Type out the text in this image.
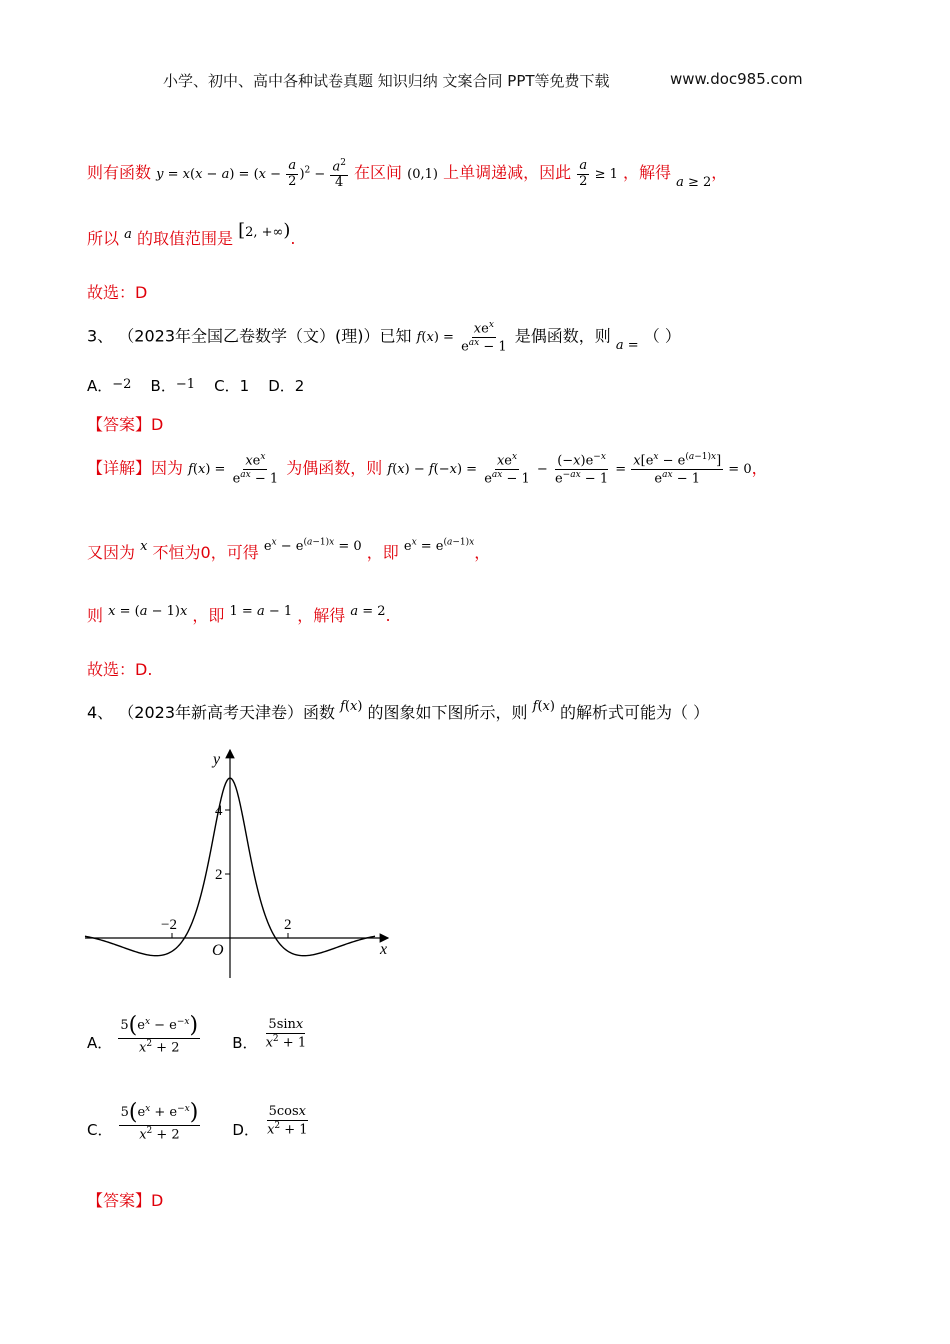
小学、初中、高中各种试卷真题 知识归纳 文案合同 PPT等免费下载	www.doc985.com
则有函数 $y = x(x - a) = (x - \frac{a}{2} )^2 - \frac{a^2}{4}$ 在区间 (0,1) 上单调递减，因此 $\frac{a}{2} \ge 1$ ，解得 $_{a \ge 2}$，
所以 $^a$ 的取值范围是 $^{[2, +\infty)}$.
故选：D
3、 （2023年全国乙卷数学（文）(理)）已知 $f(x) = \frac{xe^x}{e^{ax} - 1}$ 是偶函数，则 $_{a =}$ （ ）
A．−2 B．−1 C．1 D．2
【答案】D
【详解】因为 $f(x) = \frac{xe^x}{e^{ax} - 1}$ 为偶函数，则 $f(x) - f(-x) = \frac{xe^x}{e^{ax} - 1} - \frac{(-x)e^{-x}}{e^{-ax} - 1} = \frac{x[e^x - e^{(a-1)x}]}{e^{ax} - 1} = 0$，
又因为 $^x$ 不恒为0，可得 $^{e^x - e^{(a-1)x} = 0}$ ，即 $^{e^x = e^{(a-1)x}}$，
则 $^{x = (a - 1)x}$ ，即 $^{1 = a - 1}$ ，解得 $^{a = 2}$.
故选：D.
4、 （2023年新高考天津卷）函数 $^{f(x)}$ 的图象如下图所示，则 $^{f(x)}$ 的解析式可能为（ ）
−2	2
2
4
x
y
O
A． $\frac{5(e^x - e^{-x})}{x^2 + 2}$ B． $\frac{5\sin x}{x^2 + 1}$
C． $\frac{5(e^x + e^{-x})}{x^2 + 2}$ D． $\frac{5\cos x}{x^2 + 1}$
【答案】D
